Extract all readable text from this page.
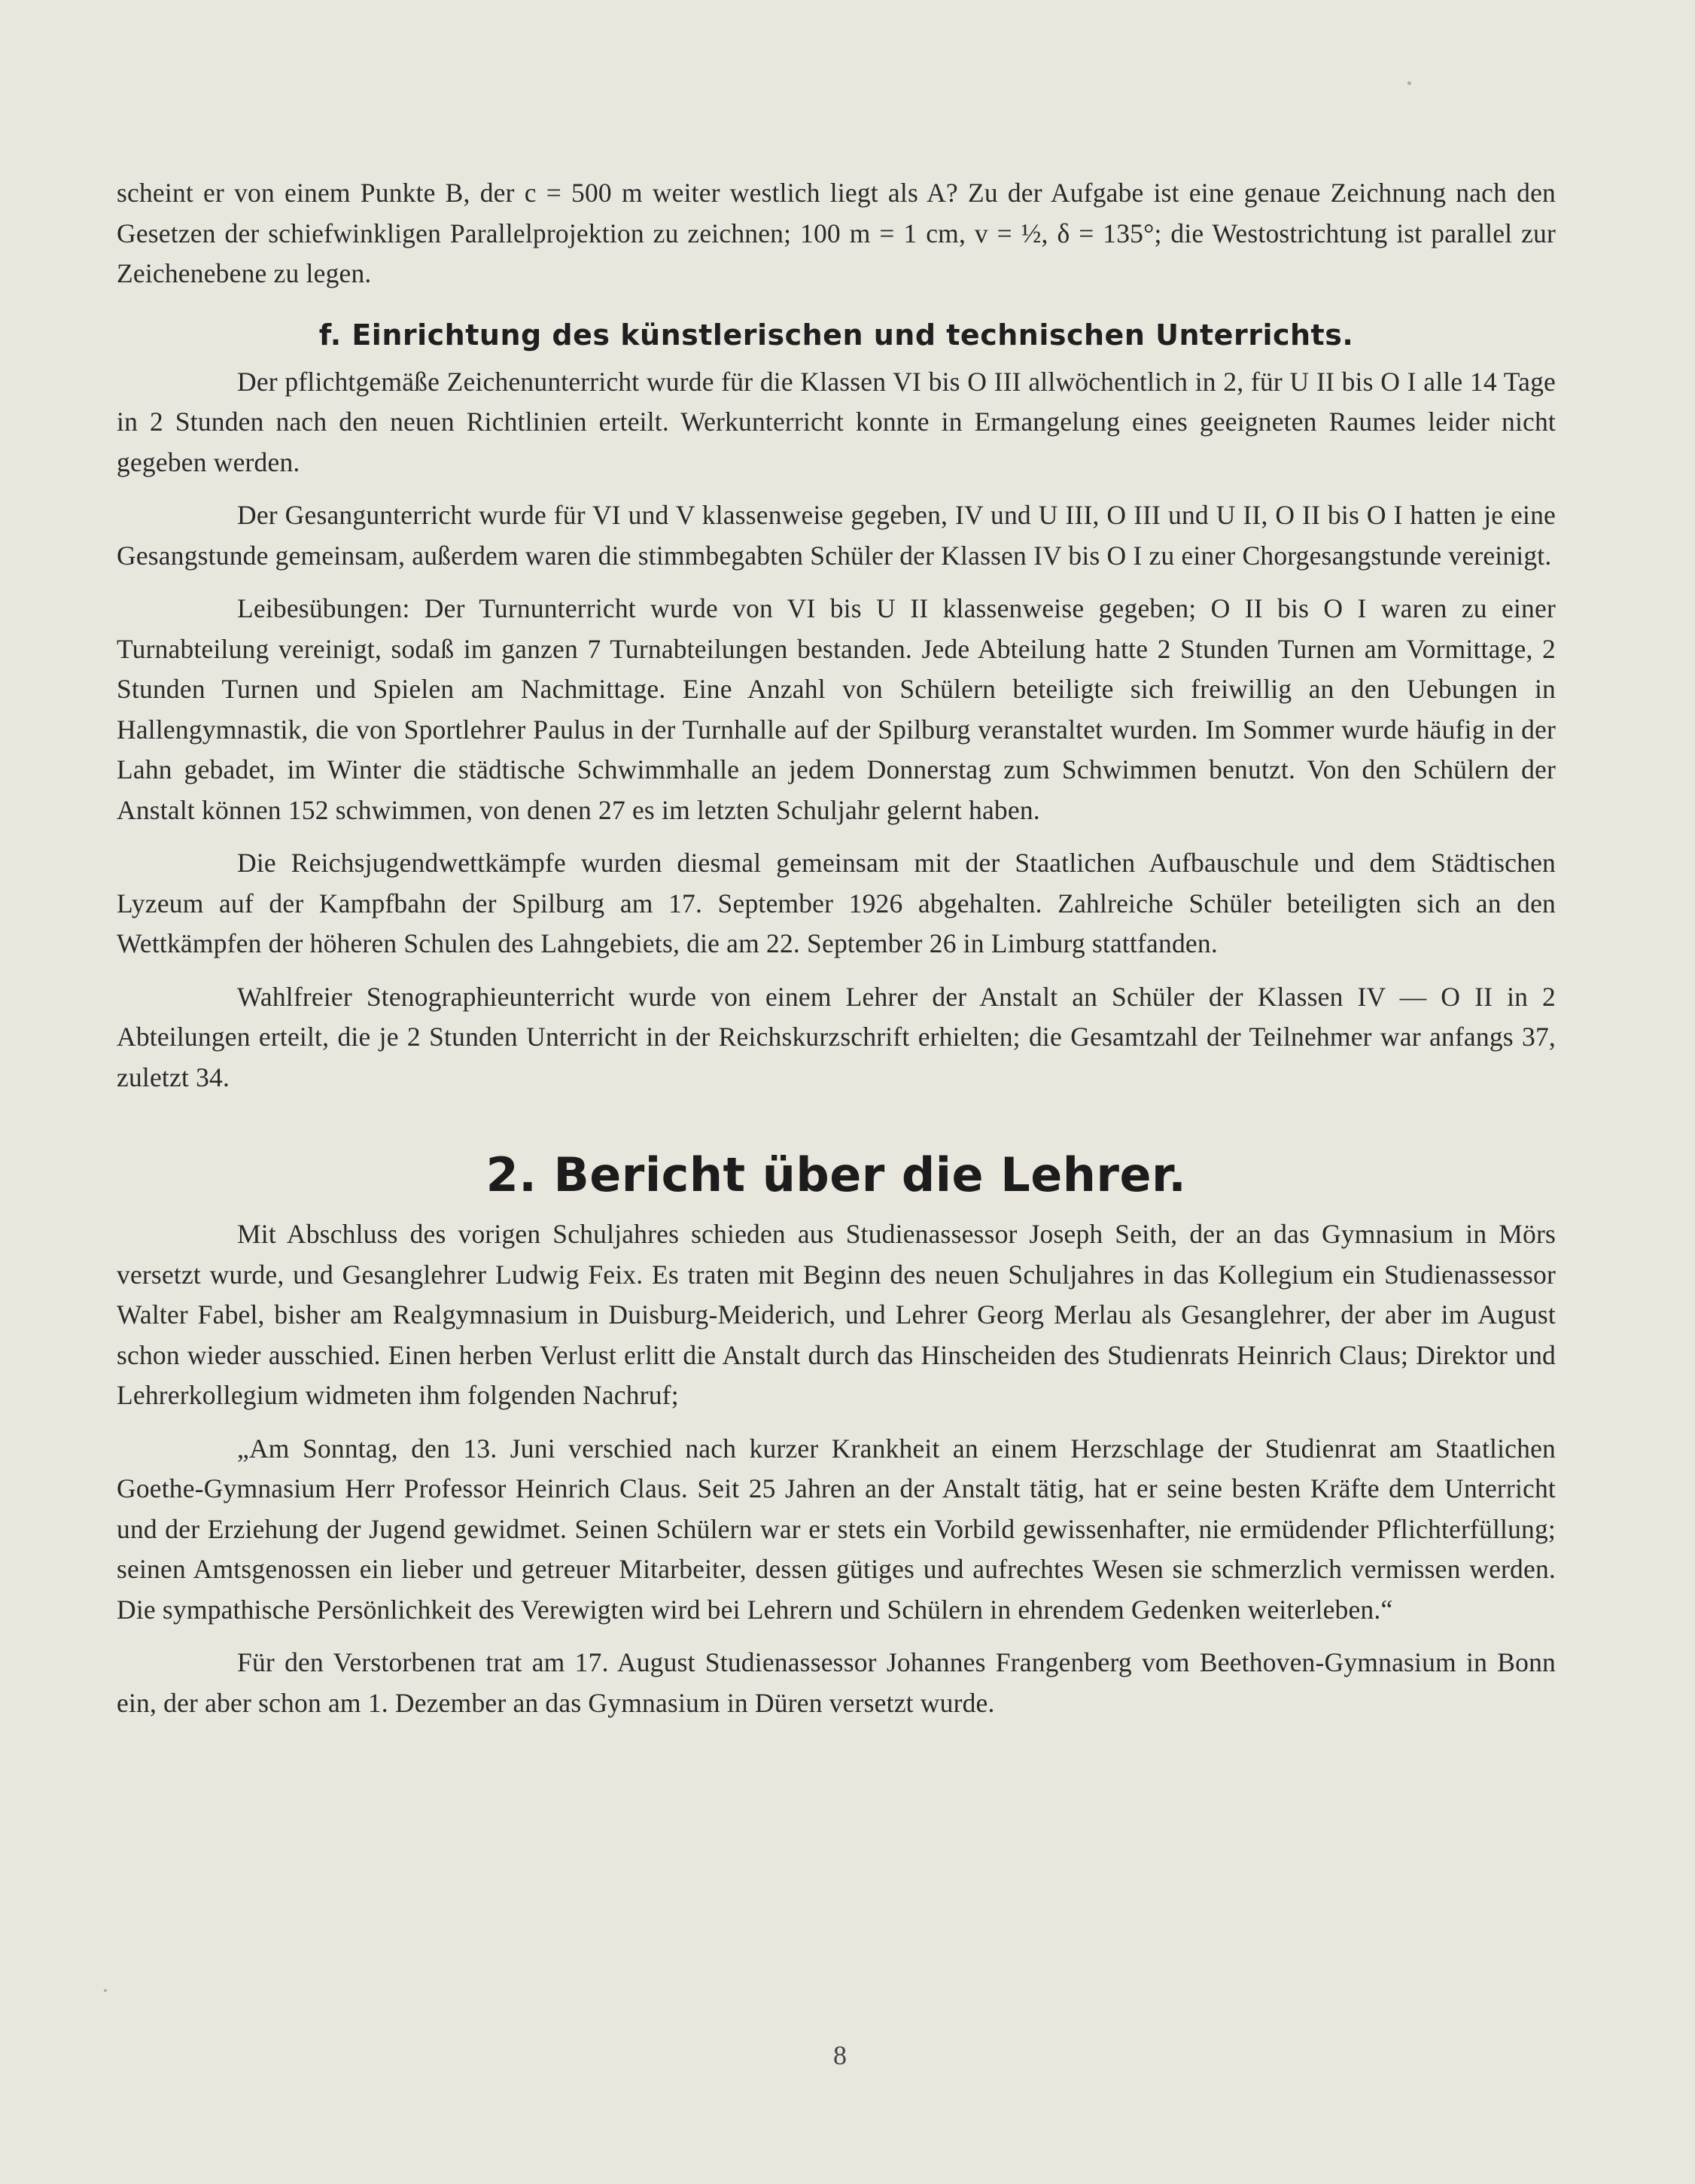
scheint er von einem Punkte B, der c = 500 m weiter westlich liegt als A? Zu der Aufgabe ist eine genaue Zeichnung nach den Gesetzen der schiefwinkligen Parallelprojektion zu zeichnen; 100 m = 1 cm, v = ½, δ = 135°; die Westostrichtung ist parallel zur Zeichenebene zu legen.

f. Einrichtung des künstlerischen und technischen Unterrichts.

Der pflichtgemäße Zeichenunterricht wurde für die Klassen VI bis O III allwöchentlich in 2, für U II bis O I alle 14 Tage in 2 Stunden nach den neuen Richtlinien erteilt. Werkunterricht konnte in Ermangelung eines geeigneten Raumes leider nicht gegeben werden.

Der Gesangunterricht wurde für VI und V klassenweise gegeben, IV und U III, O III und U II, O II bis O I hatten je eine Gesangstunde gemeinsam, außerdem waren die stimmbegabten Schüler der Klassen IV bis O I zu einer Chorgesangstunde vereinigt.

Leibesübungen: Der Turnunterricht wurde von VI bis U II klassenweise gegeben; O II bis O I waren zu einer Turnabteilung vereinigt, sodaß im ganzen 7 Turnabteilungen bestanden. Jede Abteilung hatte 2 Stunden Turnen am Vormittage, 2 Stunden Turnen und Spielen am Nachmittage. Eine Anzahl von Schülern beteiligte sich freiwillig an den Uebungen in Hallengymnastik, die von Sportlehrer Paulus in der Turnhalle auf der Spilburg veranstaltet wurden. Im Sommer wurde häufig in der Lahn gebadet, im Winter die städtische Schwimmhalle an jedem Donnerstag zum Schwimmen benutzt. Von den Schülern der Anstalt können 152 schwimmen, von denen 27 es im letzten Schuljahr gelernt haben.

Die Reichsjugendwettkämpfe wurden diesmal gemeinsam mit der Staatlichen Aufbauschule und dem Städtischen Lyzeum auf der Kampfbahn der Spilburg am 17. September 1926 abgehalten. Zahlreiche Schüler beteiligten sich an den Wettkämpfen der höheren Schulen des Lahngebiets, die am 22. September 26 in Limburg stattfanden.

Wahlfreier Stenographieunterricht wurde von einem Lehrer der Anstalt an Schüler der Klassen IV — O II in 2 Abteilungen erteilt, die je 2 Stunden Unterricht in der Reichskurzschrift erhielten; die Gesamtzahl der Teilnehmer war anfangs 37, zuletzt 34.

2. Bericht über die Lehrer.

Mit Abschluss des vorigen Schuljahres schieden aus Studienassessor Joseph Seith, der an das Gymnasium in Mörs versetzt wurde, und Gesanglehrer Ludwig Feix. Es traten mit Beginn des neuen Schuljahres in das Kollegium ein Studienassessor Walter Fabel, bisher am Realgymnasium in Duisburg-Meiderich, und Lehrer Georg Merlau als Gesanglehrer, der aber im August schon wieder ausschied. Einen herben Verlust erlitt die Anstalt durch das Hinscheiden des Studienrats Heinrich Claus; Direktor und Lehrerkollegium widmeten ihm folgenden Nachruf;

„Am Sonntag, den 13. Juni verschied nach kurzer Krankheit an einem Herzschlage der Studienrat am Staatlichen Goethe-Gymnasium Herr Professor Heinrich Claus. Seit 25 Jahren an der Anstalt tätig, hat er seine besten Kräfte dem Unterricht und der Erziehung der Jugend gewidmet. Seinen Schülern war er stets ein Vorbild gewissenhafter, nie ermüdender Pflichterfüllung; seinen Amtsgenossen ein lieber und getreuer Mitarbeiter, dessen gütiges und aufrechtes Wesen sie schmerzlich vermissen werden. Die sympathische Persönlichkeit des Verewigten wird bei Lehrern und Schülern in ehrendem Gedenken weiterleben.“

Für den Verstorbenen trat am 17. August Studienassessor Johannes Frangenberg vom Beethoven-Gymnasium in Bonn ein, der aber schon am 1. Dezember an das Gymnasium in Düren versetzt wurde.

8
